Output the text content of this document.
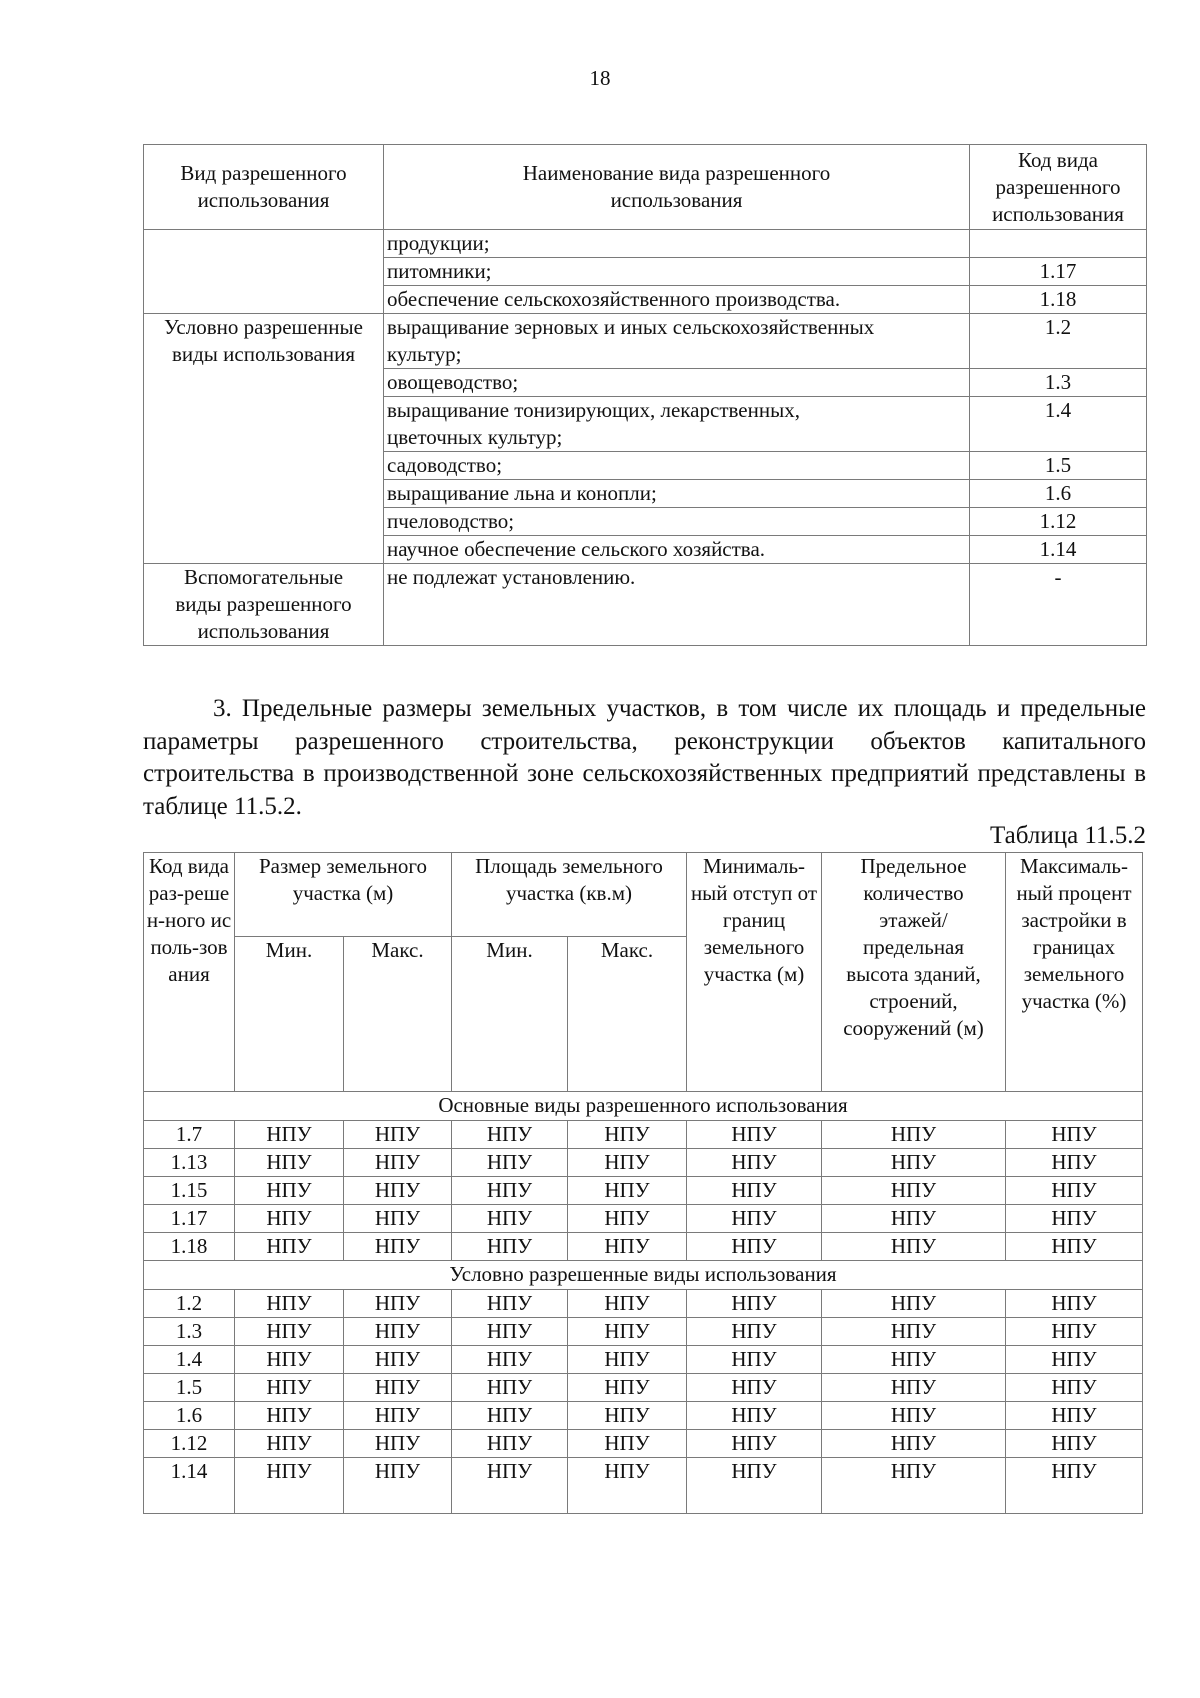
18
Вид разрешенного использования	Наименование вида разрешенного использования	Код вида разрешенного использования
	продукции;	
	питомники;	1.17
	обеспечение сельскохозяйственного производства.	1.18
Условно разрешенные виды использования	выращивание зерновых и иных сельскохозяйственных культур;	1.2
	овощеводство;	1.3
	выращивание тонизирующих, лекарственных, цветочных культур;	1.4
	садоводство;	1.5
	выращивание льна и конопли;	1.6
	пчеловодство;	1.12
	научное обеспечение сельского хозяйства.	1.14
Вспомогательные виды разрешенного использования	не подлежат установлению.	-

3. Предельные размеры земельных участков, в том числе их площадь и предельные параметры разрешенного строительства, реконструкции объектов капитального строительства в производственной зоне сельскохозяйственных предприятий представлены в таблице 11.5.2.

Таблица 11.5.2
Код вида раз-решен-ного исполь-зования	Размер земельного участка (м)		Площадь земельного участка (кв.м)		Минималь-ный отступ от границ земельного участка (м)	Предельное количество этажей/ предельная высота зданий, строений, сооружений (м)	Максималь-ный процент застройки в границах земельного участка (%)
	Мин.	Макс.	Мин.	Макс.			
Основные виды разрешенного использования							
1.7	НПУ	НПУ	НПУ	НПУ	НПУ	НПУ	НПУ
1.13	НПУ	НПУ	НПУ	НПУ	НПУ	НПУ	НПУ
1.15	НПУ	НПУ	НПУ	НПУ	НПУ	НПУ	НПУ
1.17	НПУ	НПУ	НПУ	НПУ	НПУ	НПУ	НПУ
1.18	НПУ	НПУ	НПУ	НПУ	НПУ	НПУ	НПУ
Условно разрешенные виды использования							
1.2	НПУ	НПУ	НПУ	НПУ	НПУ	НПУ	НПУ
1.3	НПУ	НПУ	НПУ	НПУ	НПУ	НПУ	НПУ
1.4	НПУ	НПУ	НПУ	НПУ	НПУ	НПУ	НПУ
1.5	НПУ	НПУ	НПУ	НПУ	НПУ	НПУ	НПУ
1.6	НПУ	НПУ	НПУ	НПУ	НПУ	НПУ	НПУ
1.12	НПУ	НПУ	НПУ	НПУ	НПУ	НПУ	НПУ
1.14	НПУ	НПУ	НПУ	НПУ	НПУ	НПУ	НПУ
